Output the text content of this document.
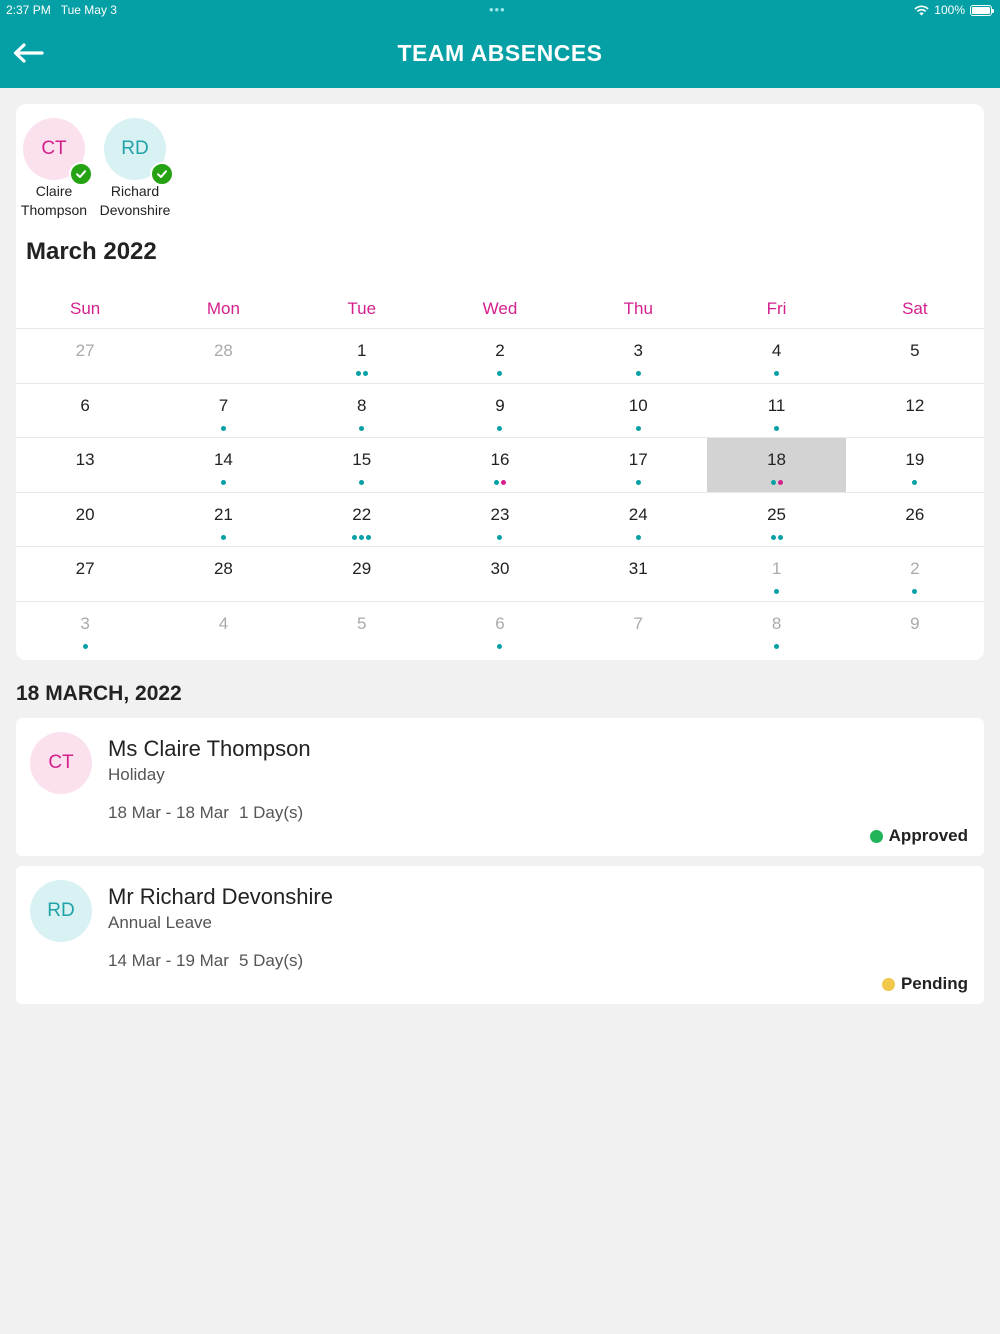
2:37 PM Tue May 3	•••	100%
TEAM ABSENCES
CT
Claire
Thompson
RD
Richard
Devonshire
March 2022
Sun	Mon	Tue	Wed	Thu	Fri	Sat
27	28	1	2	3	4	5
6	7	8	9	10	11	12
13	14	15	16	17	18	19
20	21	22	23	24	25	26
27	28	29	30	31	1	2
3	4	5	6	7	8	9
18 MARCH, 2022
CT
Ms Claire Thompson
Holiday
18 Mar - 18 Mar 1 Day(s)
Approved
RD
Mr Richard Devonshire
Annual Leave
14 Mar - 19 Mar 5 Day(s)
Pending
